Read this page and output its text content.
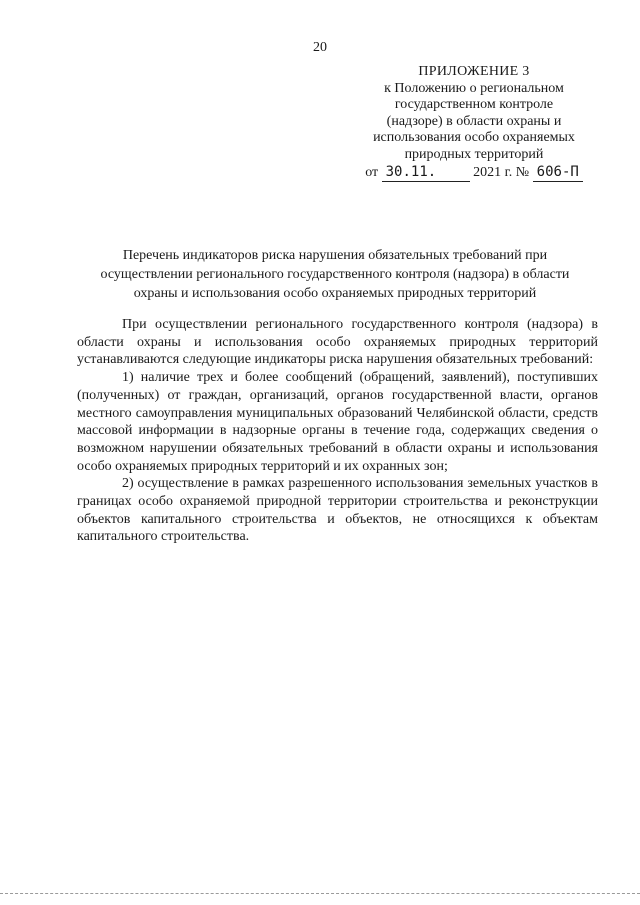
20
ПРИЛОЖЕНИЕ 3
к Положению о региональном
государственном контроле
(надзоре) в области охраны и
использования особо охраняемых
природных территорий
от 30.11.	2021 г. № 606-П
Перечень индикаторов риска нарушения обязательных требований при
осуществлении регионального государственного контроля (надзора) в области
охраны и использования особо охраняемых природных территорий

При осуществлении регионального государственного контроля (надзора) в области охраны и использования особо охраняемых природных территорий устанавливаются следующие индикаторы риска нарушения обязательных требований:

1) наличие трех и более сообщений (обращений, заявлений), поступивших (полученных) от граждан, организаций, органов государственной власти, органов местного самоуправления муниципальных образований Челябинской области, средств массовой информации в надзорные органы в течение года, содержащих сведения о возможном нарушении обязательных требований в области охраны и использования особо охраняемых природных территорий и их охранных зон;

2) осуществление в рамках разрешенного использования земельных участков в границах особо охраняемой природной территории строительства и реконструкции объектов капитального строительства и объектов, не относящихся к объектам капитального строительства.
